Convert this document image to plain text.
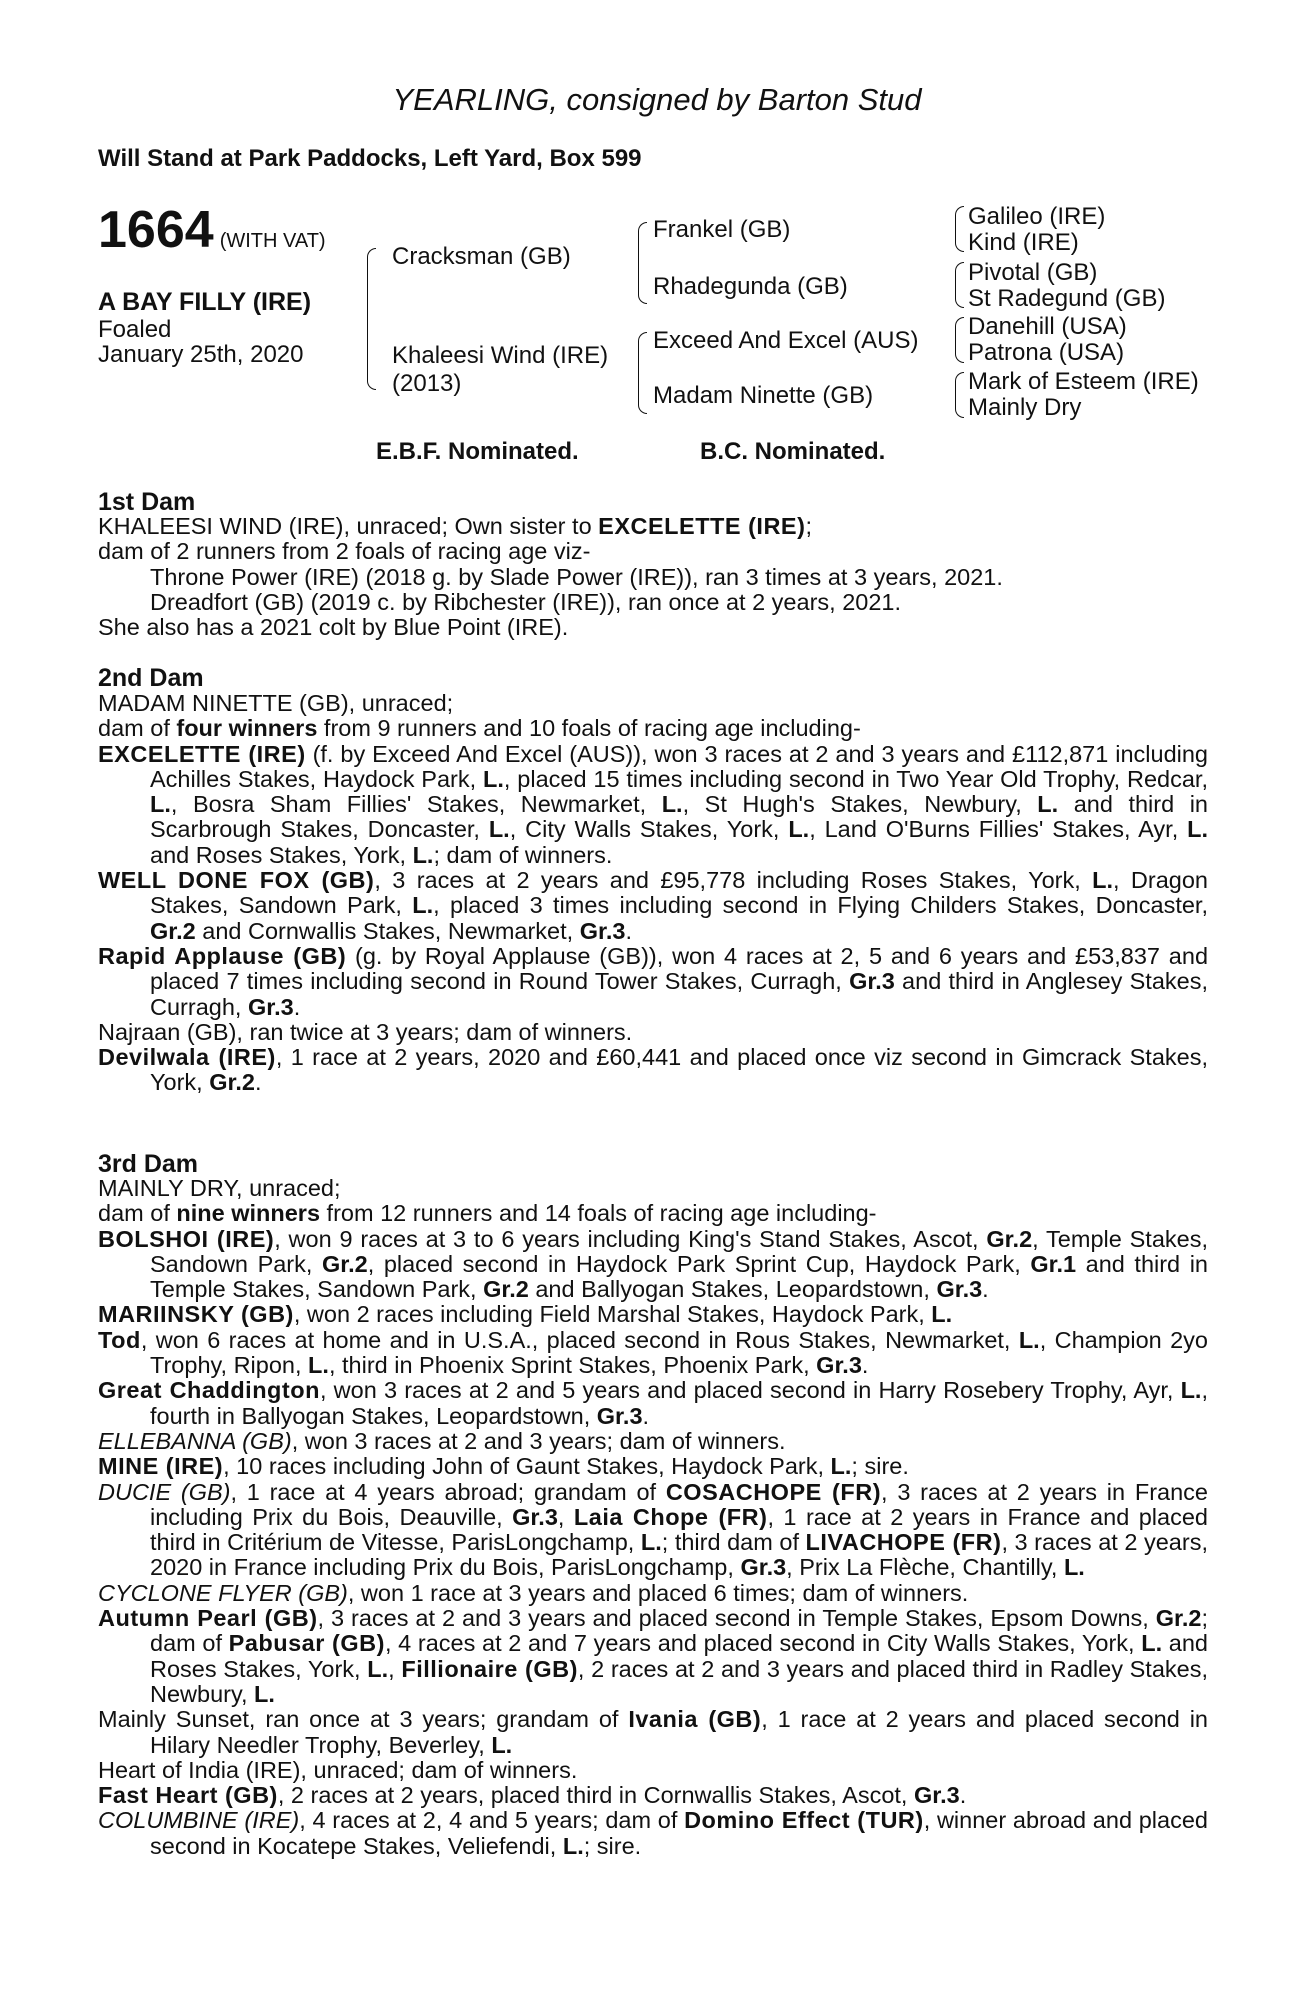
YEARLING, consigned by Barton Stud
Will Stand at Park Paddocks, Left Yard, Box 599
1664 (WITH VAT)
A BAY FILLY (IRE)
Foaled
January 25th, 2020
Cracksman (GB)
Khaleesi Wind (IRE)
(2013)
Frankel (GB)
Rhadegunda (GB)
Exceed And Excel (AUS)
Madam Ninette (GB)
Galileo (IRE)
Kind (IRE)
Pivotal (GB)
St Radegund (GB)
Danehill (USA)
Patrona (USA)
Mark of Esteem (IRE)
Mainly Dry
E.B.F. Nominated.	B.C. Nominated.
1st Dam

KHALEESI WIND (IRE), unraced; Own sister to EXCELETTE (IRE);

dam of 2 runners from 2 foals of racing age viz-

Throne Power (IRE) (2018 g. by Slade Power (IRE)), ran 3 times at 3 years, 2021.

Dreadfort (GB) (2019 c. by Ribchester (IRE)), ran once at 2 years, 2021.

She also has a 2021 colt by Blue Point (IRE).

2nd Dam

MADAM NINETTE (GB), unraced;

dam of four winners from 9 runners and 10 foals of racing age including-

EXCELETTE (IRE) (f. by Exceed And Excel (AUS)), won 3 races at 2 and 3 years and £112,871 including Achilles Stakes, Haydock Park, L., placed 15 times including second in Two Year Old Trophy, Redcar, L., Bosra Sham Fillies' Stakes, Newmarket, L., St Hugh's Stakes, Newbury, L. and third in Scarbrough Stakes, Doncaster, L., City Walls Stakes, York, L., Land O'Burns Fillies' Stakes, Ayr, L. and Roses Stakes, York, L.; dam of winners.

WELL DONE FOX (GB), 3 races at 2 years and £95,778 including Roses Stakes, York, L., Dragon Stakes, Sandown Park, L., placed 3 times including second in Flying Childers Stakes, Doncaster, Gr.2 and Cornwallis Stakes, Newmarket, Gr.3.

Rapid Applause (GB) (g. by Royal Applause (GB)), won 4 races at 2, 5 and 6 years and £53,837 and placed 7 times including second in Round Tower Stakes, Curragh, Gr.3 and third in Anglesey Stakes, Curragh, Gr.3.

Najraan (GB), ran twice at 3 years; dam of winners.

Devilwala (IRE), 1 race at 2 years, 2020 and £60,441 and placed once viz second in Gimcrack Stakes, York, Gr.2.

3rd Dam

MAINLY DRY, unraced;

dam of nine winners from 12 runners and 14 foals of racing age including-

BOLSHOI (IRE), won 9 races at 3 to 6 years including King's Stand Stakes, Ascot, Gr.2, Temple Stakes, Sandown Park, Gr.2, placed second in Haydock Park Sprint Cup, Haydock Park, Gr.1 and third in Temple Stakes, Sandown Park, Gr.2 and Ballyogan Stakes, Leopardstown, Gr.3.

MARIINSKY (GB), won 2 races including Field Marshal Stakes, Haydock Park, L.

Tod, won 6 races at home and in U.S.A., placed second in Rous Stakes, Newmarket, L., Champion 2yo Trophy, Ripon, L., third in Phoenix Sprint Stakes, Phoenix Park, Gr.3.

Great Chaddington, won 3 races at 2 and 5 years and placed second in Harry Rosebery Trophy, Ayr, L., fourth in Ballyogan Stakes, Leopardstown, Gr.3.

ELLEBANNA (GB), won 3 races at 2 and 3 years; dam of winners.

MINE (IRE), 10 races including John of Gaunt Stakes, Haydock Park, L.; sire.

DUCIE (GB), 1 race at 4 years abroad; grandam of COSACHOPE (FR), 3 races at 2 years in France including Prix du Bois, Deauville, Gr.3, Laia Chope (FR), 1 race at 2 years in France and placed third in Critérium de Vitesse, ParisLongchamp, L.; third dam of LIVACHOPE (FR), 3 races at 2 years, 2020 in France including Prix du Bois, ParisLongchamp, Gr.3, Prix La Flèche, Chantilly, L.

CYCLONE FLYER (GB), won 1 race at 3 years and placed 6 times; dam of winners.

Autumn Pearl (GB), 3 races at 2 and 3 years and placed second in Temple Stakes, Epsom Downs, Gr.2; dam of Pabusar (GB), 4 races at 2 and 7 years and placed second in City Walls Stakes, York, L. and Roses Stakes, York, L., Fillionaire (GB), 2 races at 2 and 3 years and placed third in Radley Stakes, Newbury, L.

Mainly Sunset, ran once at 3 years; grandam of Ivania (GB), 1 race at 2 years and placed second in Hilary Needler Trophy, Beverley, L.

Heart of India (IRE), unraced; dam of winners.

Fast Heart (GB), 2 races at 2 years, placed third in Cornwallis Stakes, Ascot, Gr.3.

COLUMBINE (IRE), 4 races at 2, 4 and 5 years; dam of Domino Effect (TUR), winner abroad and placed second in Kocatepe Stakes, Veliefendi, L.; sire.
